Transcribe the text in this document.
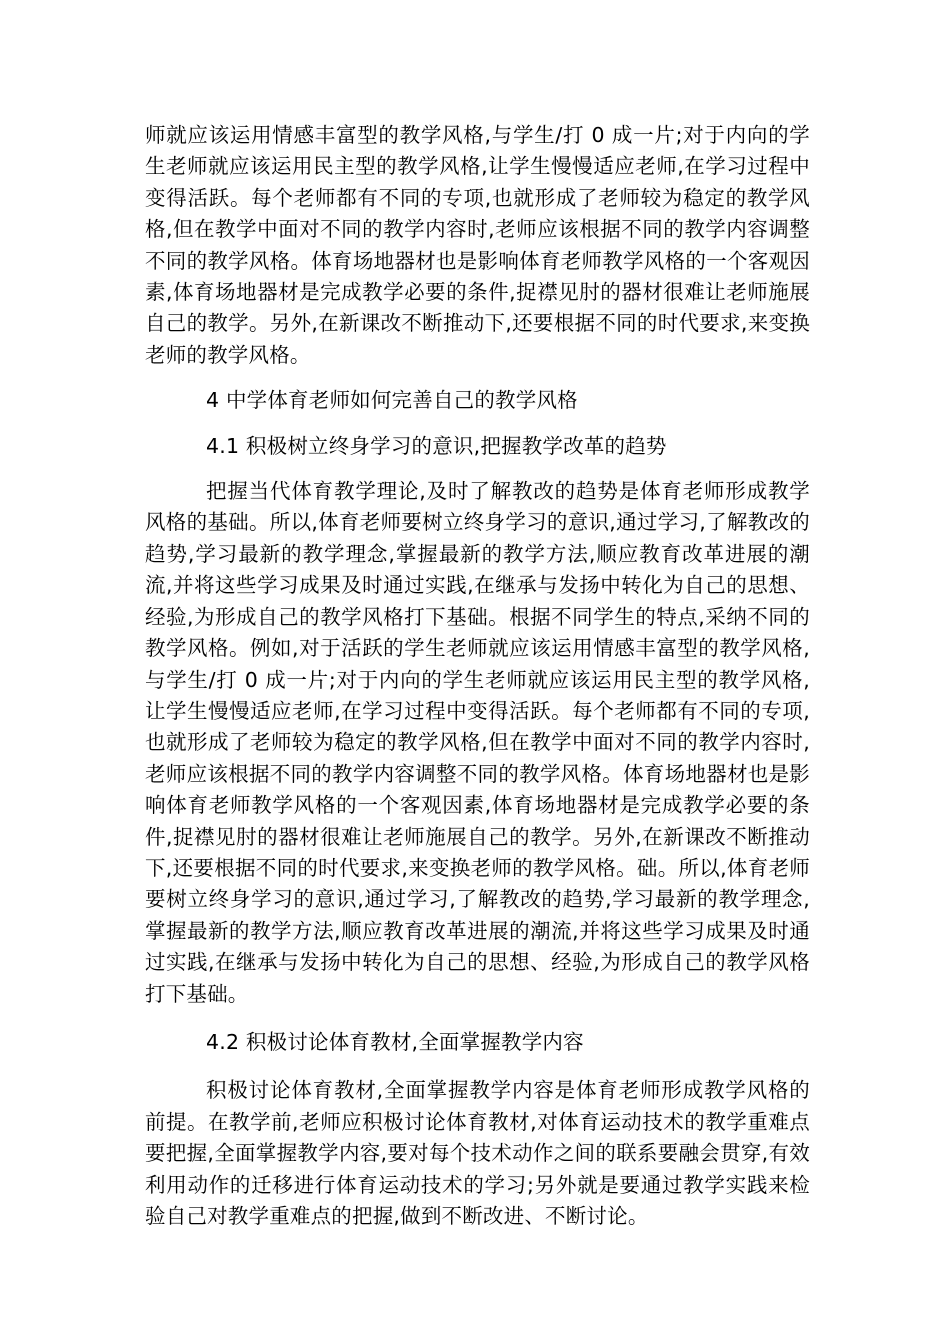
师就应该运用情感丰富型的教学风格,与学生/打 0 成一片;对于内向的学生老师就应该运用民主型的教学风格,让学生慢慢适应老师,在学习过程中变得活跃。每个老师都有不同的专项,也就形成了老师较为稳定的教学风格,但在教学中面对不同的教学内容时,老师应该根据不同的教学内容调整不同的教学风格。体育场地器材也是影响体育老师教学风格的一个客观因素,体育场地器材是完成教学必要的条件,捉襟见肘的器材很难让老师施展自己的教学。另外,在新课改不断推动下,还要根据不同的时代要求,来变换老师的教学风格。

4 中学体育老师如何完善自己的教学风格

4.1 积极树立终身学习的意识,把握教学改革的趋势

把握当代体育教学理论,及时了解教改的趋势是体育老师形成教学风格的基础。所以,体育老师要树立终身学习的意识,通过学习,了解教改的趋势,学习最新的教学理念,掌握最新的教学方法,顺应教育改革进展的潮流,并将这些学习成果及时通过实践,在继承与发扬中转化为自己的思想、经验,为形成自己的教学风格打下基础。根据不同学生的特点,采纳不同的教学风格。例如,对于活跃的学生老师就应该运用情感丰富型的教学风格,与学生/打 0 成一片;对于内向的学生老师就应该运用民主型的教学风格,让学生慢慢适应老师,在学习过程中变得活跃。每个老师都有不同的专项,也就形成了老师较为稳定的教学风格,但在教学中面对不同的教学内容时,老师应该根据不同的教学内容调整不同的教学风格。体育场地器材也是影响体育老师教学风格的一个客观因素,体育场地器材是完成教学必要的条件,捉襟见肘的器材很难让老师施展自己的教学。另外,在新课改不断推动下,还要根据不同的时代要求,来变换老师的教学风格。础。所以,体育老师要树立终身学习的意识,通过学习,了解教改的趋势,学习最新的教学理念,掌握最新的教学方法,顺应教育改革进展的潮流,并将这些学习成果及时通过实践,在继承与发扬中转化为自己的思想、经验,为形成自己的教学风格打下基础。

4.2 积极讨论体育教材,全面掌握教学内容

积极讨论体育教材,全面掌握教学内容是体育老师形成教学风格的前提。在教学前,老师应积极讨论体育教材,对体育运动技术的教学重难点要把握,全面掌握教学内容,要对每个技术动作之间的联系要融会贯穿,有效利用动作的迁移进行体育运动技术的学习;另外就是要通过教学实践来检验自己对教学重难点的把握,做到不断改进、不断讨论。
